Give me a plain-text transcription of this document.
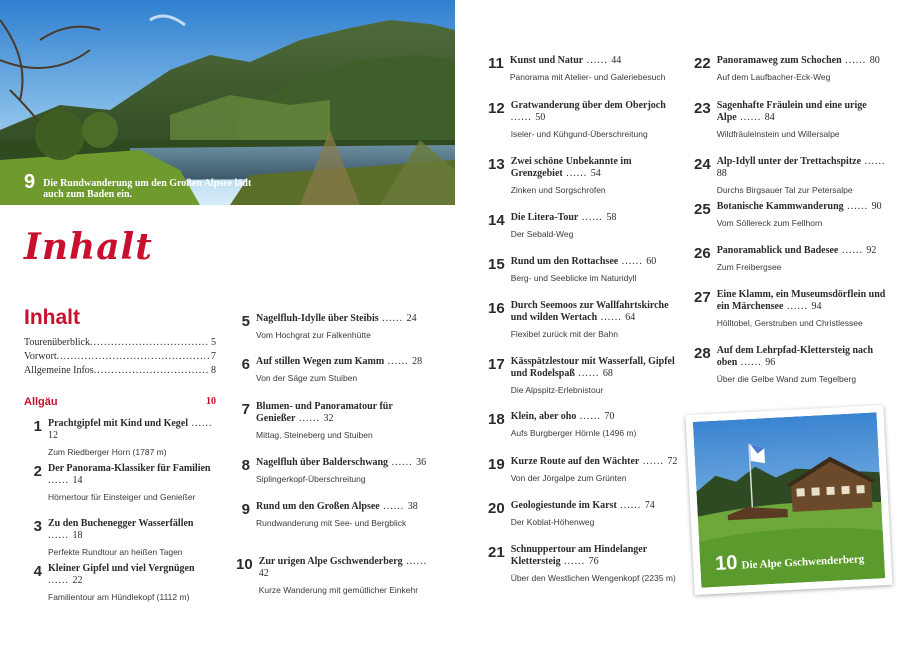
9 Die Rundwanderung um den Großen Alpsee lädt auch zum Baden ein.
Inhalt
Inhalt
Tourenüberblick .....	5
Vorwort .....	7
Allgemeine Infos .....	8
Allgäu	10
1 Prachtgipfel mit Kind und Kegel ...... 12
Zum Riedberger Horn (1787 m)
2 Der Panorama-Klassiker für Familien ...... 14
Hörnertour für Einsteiger und Genießer
3 Zu den Buchenegger Wasserfällen ...... 18
Perfekte Rundtour an heißen Tagen
4 Kleiner Gipfel und viel Vergnügen ...... 22
Familientour am Hündlekopf (1112 m)
5 Nagelfluh-Idylle über Steibis ...... 24
Vom Hochgrat zur Falkenhütte
6 Auf stillen Wegen zum Kamm ...... 28
Von der Säge zum Stuiben
7 Blumen- und Panoramatour für Genießer ...... 32
Mittag, Steineberg und Stuiben
8 Nagelfluh über Balderschwang ...... 36
Siplingerkopf-Überschreitung
9 Rund um den Großen Alpsee ...... 38
Rundwanderung mit See- und Bergblick
10 Zur urigen Alpe Gschwenderberg ...... 42
Kurze Wanderung mit gemütlicher Einkehr
11 Kunst und Natur ...... 44
Panorama mit Atelier- und Galeriebesuch
12 Gratwanderung über dem Oberjoch ...... 50
Iseler- und Kühgund-Überschreitung
13 Zwei schöne Unbekannte im Grenzgebiet ...... 54
Zinken und Sorgschrofen
14 Die Litera-Tour ...... 58
Der Sebald-Weg
15 Rund um den Rottachsee ...... 60
Berg- und Seeblicke im Naturidyll
16 Durch Seemoos zur Wallfahrtskirche und wilden Wertach ...... 64
Flexibel zurück mit der Bahn
17 Kässpätzlestour mit Wasserfall, Gipfel und Rodelspaß ...... 68
Die Alpspitz-Erlebnistour
18 Klein, aber oho ...... 70
Aufs Burgberger Hörnle (1496 m)
19 Kurze Route auf den Wächter ...... 72
Von der Jörgalpe zum Grünten
20 Geologiestunde im Karst ...... 74
Der Koblat-Höhenweg
21 Schnuppertour am Hindelanger Klettersteig ...... 76
Über den Westlichen Wengenkopf (2235 m)
22 Panoramaweg zum Schochen ...... 80
Auf dem Laufbacher-Eck-Weg
23 Sagenhafte Fräulein und eine urige Alpe ...... 84
Wildfräuleinstein und Willersalpe
24 Alp-Idyll unter der Trettachspitze ...... 88
Durchs Birgsauer Tal zur Petersalpe
25 Botanische Kammwanderung ...... 90
Vom Söllereck zum Fellhorn
26 Panoramablick und Badesee ...... 92
Zum Freibergsee
27 Eine Klamm, ein Museumsdörflein und ein Märchensee ...... 94
Hölltobel, Gerstruben und Christlessee
28 Auf dem Lehrpfad-Klettersteig nach oben ...... 96
Über die Gelbe Wand zum Tegelberg
10 Die Alpe Gschwenderberg
